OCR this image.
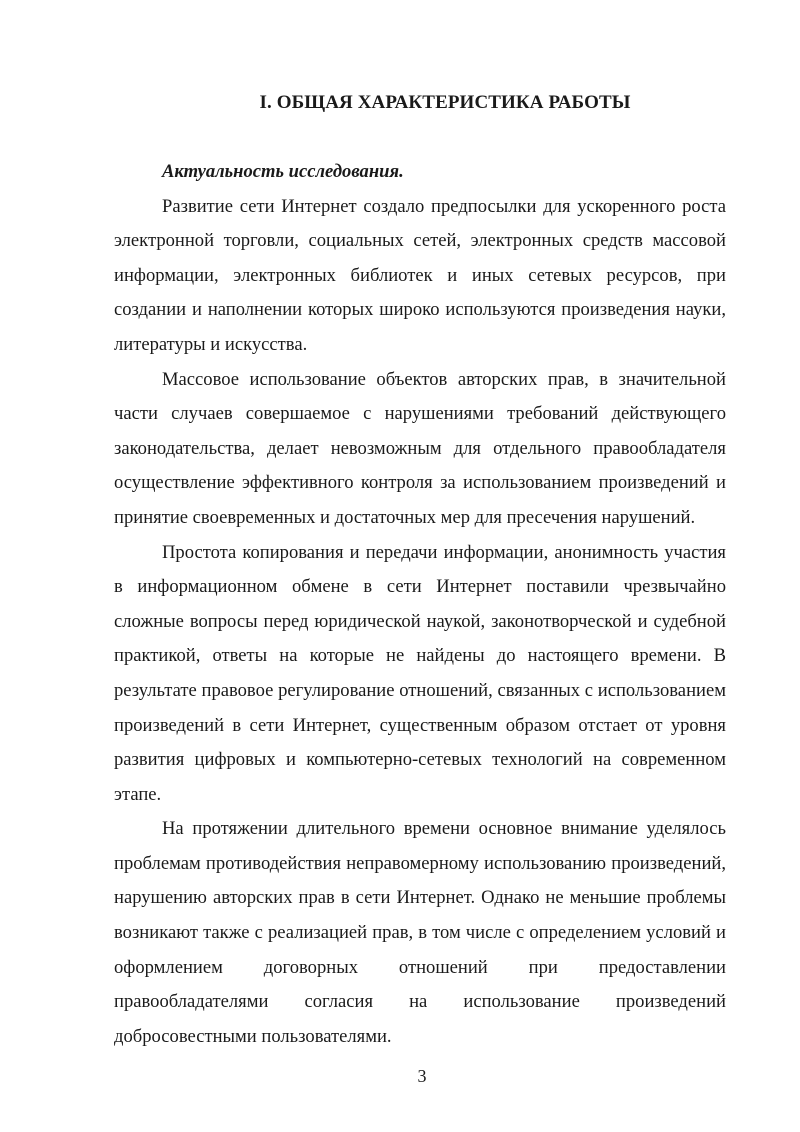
I. ОБЩАЯ ХАРАКТЕРИСТИКА РАБОТЫ

Актуальность исследования.

Развитие сети Интернет создало предпосылки для ускоренного роста электронной торговли, социальных сетей, электронных средств массовой информации, электронных библиотек и иных сетевых ресурсов, при создании и наполнении которых широко используются произведения науки, литературы и искусства.

Массовое использование объектов авторских прав, в значительной части случаев совершаемое с нарушениями требований действующего законодательства, делает невозможным для отдельного правообладателя осуществление эффективного контроля за использованием произведений и принятие своевременных и достаточных мер для пресечения нарушений.

Простота копирования и передачи информации, анонимность участия в информационном обмене в сети Интернет поставили чрезвычайно сложные вопросы перед юридической наукой, законотворческой и судебной практикой, ответы на которые не найдены до настоящего времени. В результате правовое регулирование отношений, связанных с использованием произведений в сети Интернет, существенным образом отстает от уровня развития цифровых и компьютерно-сетевых технологий на современном этапе.

На протяжении длительного времени основное внимание уделялось проблемам противодействия неправомерному использованию произведений, нарушению авторских прав в сети Интернет. Однако не меньшие проблемы возникают также с реализацией прав, в том числе с определением условий и оформлением договорных отношений при предоставлении правообладателями согласия на использование произведений добросовестными пользователями.

3
